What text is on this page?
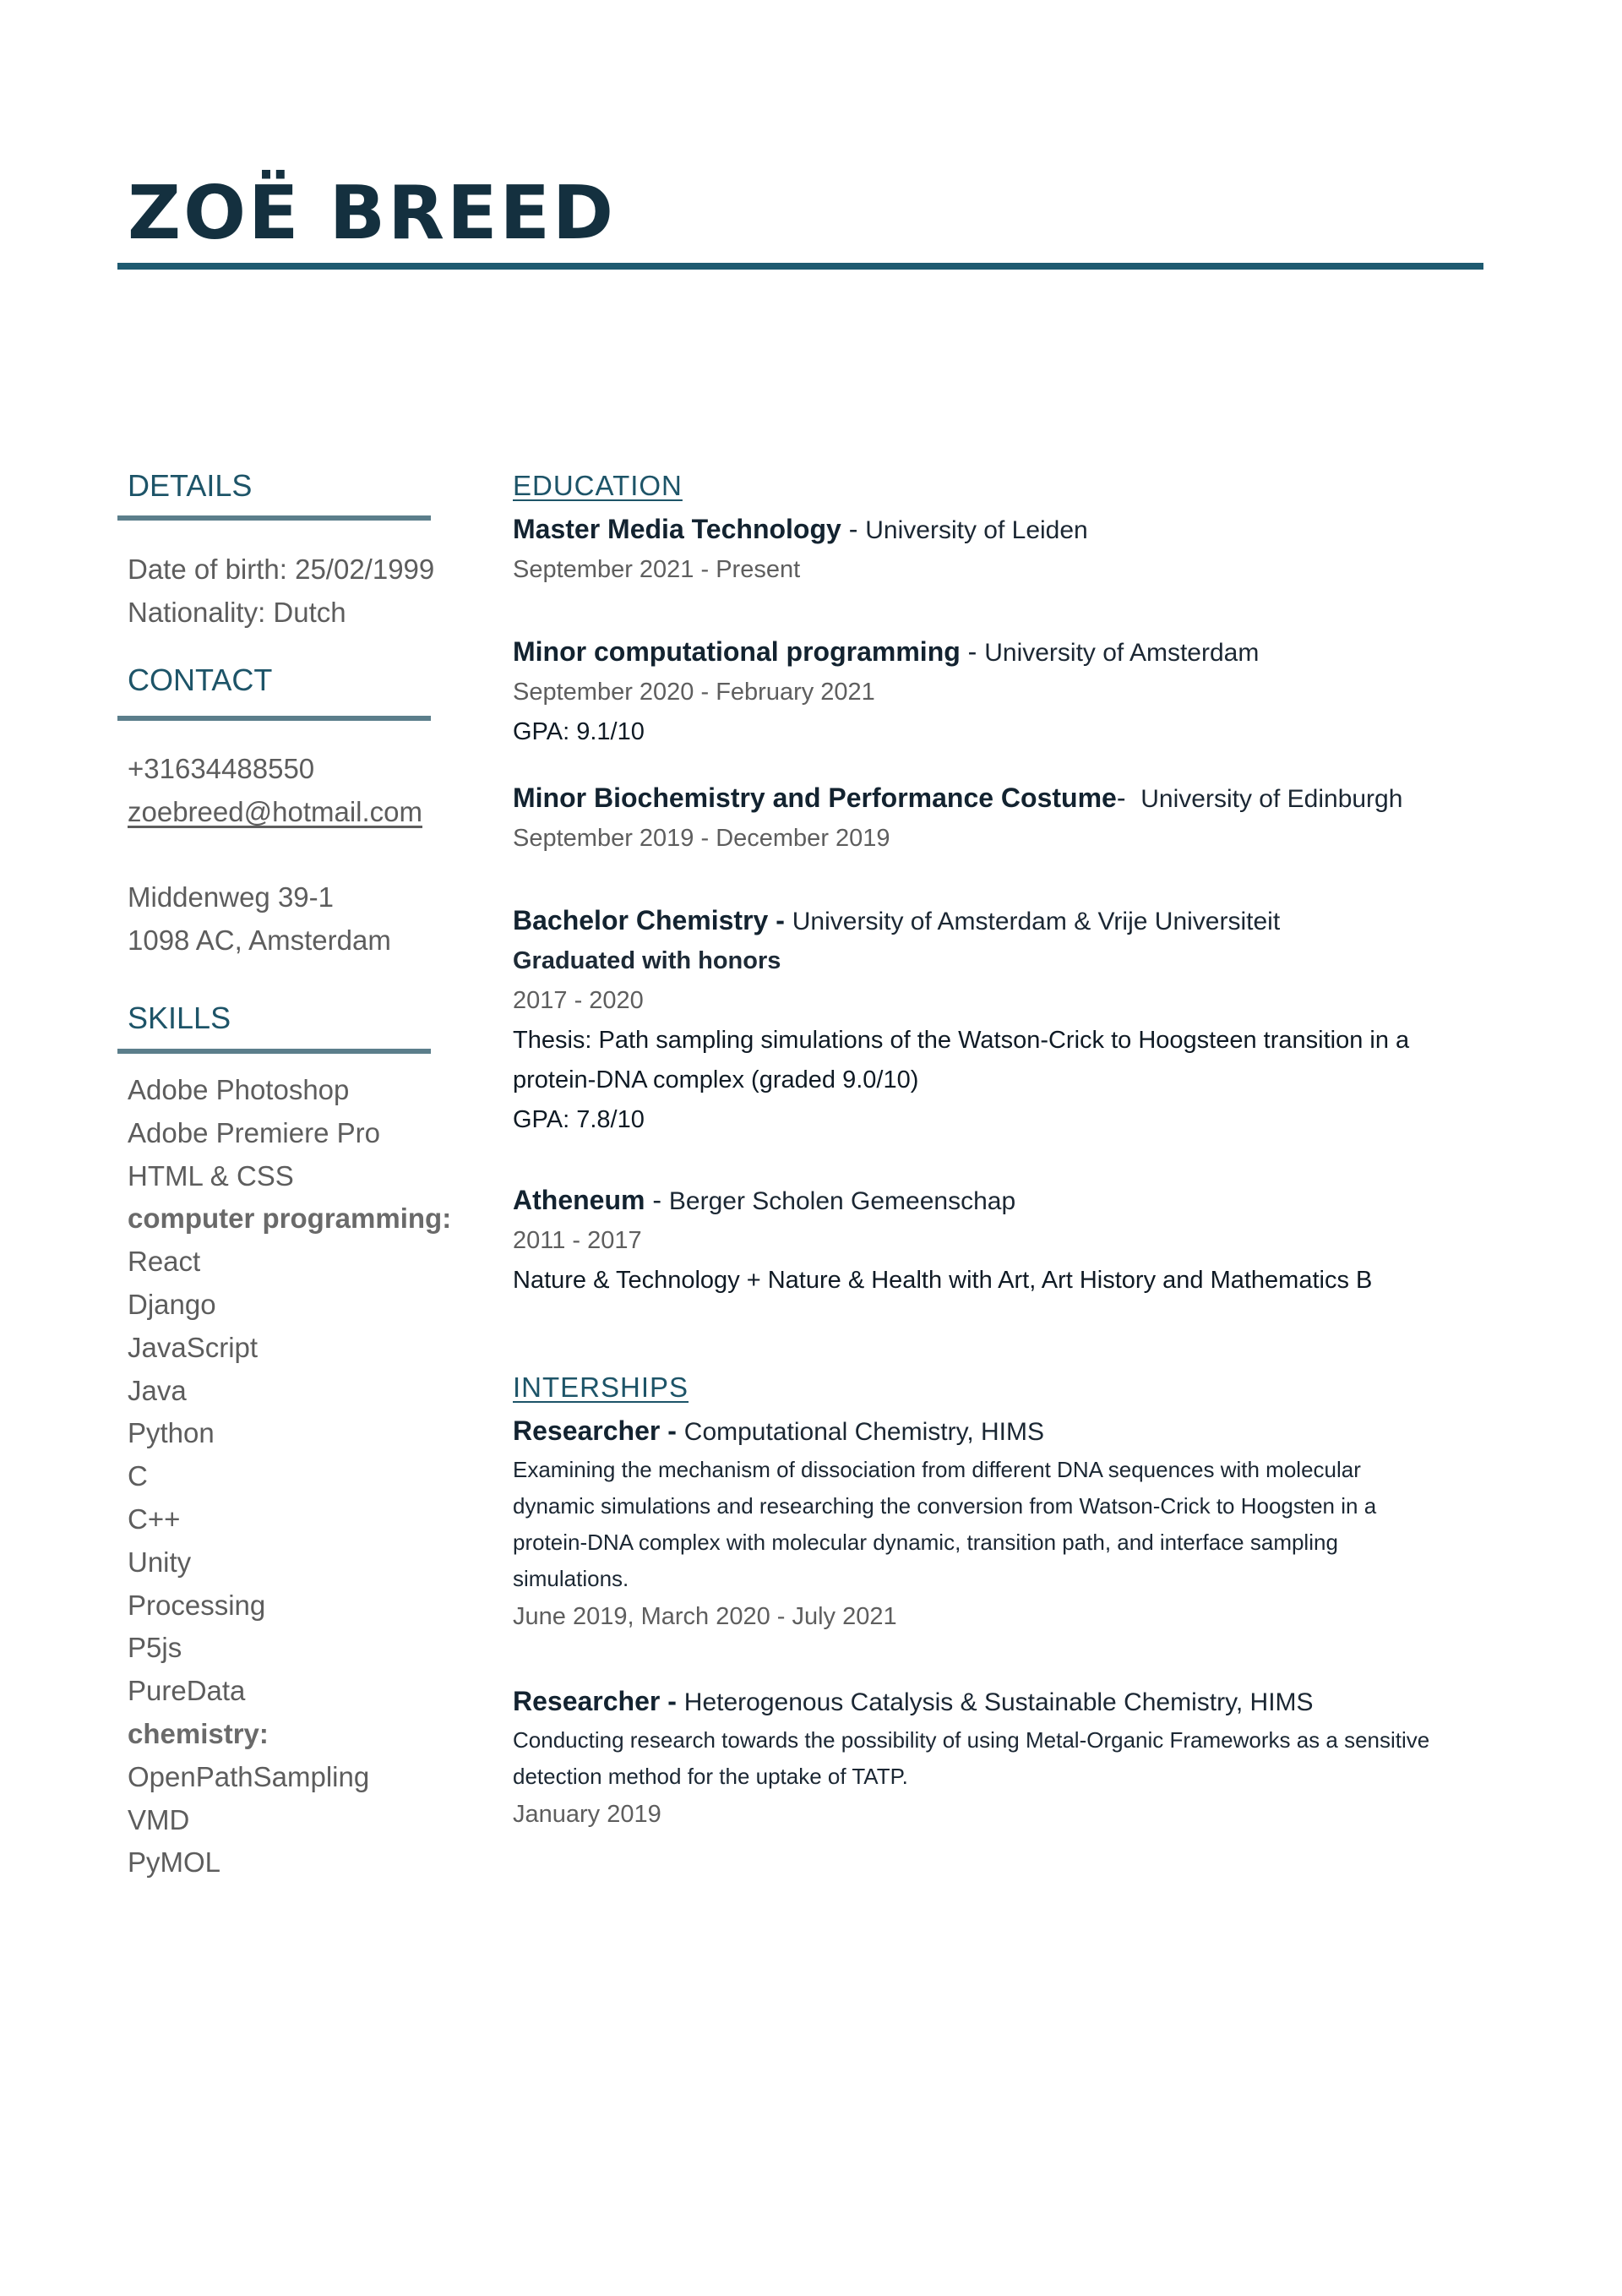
ZOË BREED
DETAILS
Date of birth: 25/02/1999
Nationality: Dutch
CONTACT
+31634488550
zoebreed@hotmail.com
Middenweg 39-1
1098 AC, Amsterdam
SKILLS
Adobe Photoshop
Adobe Premiere Pro
HTML & CSS
computer programming:
React
Django
JavaScript
Java
Python
C
C++
Unity
Processing
P5js
PureData
chemistry:
OpenPathSampling
VMD
PyMOL
EDUCATION
Master Media Technology - University of Leiden
September 2021 - Present
Minor computational programming - University of Amsterdam
September 2020 - February 2021
GPA: 9.1/10
Minor Biochemistry and Performance Costume-  University of Edinburgh
September 2019 - December 2019
Bachelor Chemistry - University of Amsterdam & Vrije Universiteit
Graduated with honors
2017 - 2020
Thesis: Path sampling simulations of the Watson-Crick to Hoogsteen transition in a
protein-DNA complex (graded 9.0/10)
GPA: 7.8/10
Atheneum - Berger Scholen Gemeenschap
2011 - 2017
Nature & Technology + Nature & Health with Art, Art History and Mathematics B
INTERSHIPS
Researcher - Computational Chemistry, HIMS
Examining the mechanism of dissociation from different DNA sequences with molecular
dynamic simulations and researching the conversion from Watson-Crick to Hoogsten in a
protein-DNA complex with molecular dynamic, transition path, and interface sampling
simulations.
June 2019, March 2020 - July 2021
Researcher - Heterogenous Catalysis & Sustainable Chemistry, HIMS
Conducting research towards the possibility of using Metal-Organic Frameworks as a sensitive
detection method for the uptake of TATP.
January 2019
